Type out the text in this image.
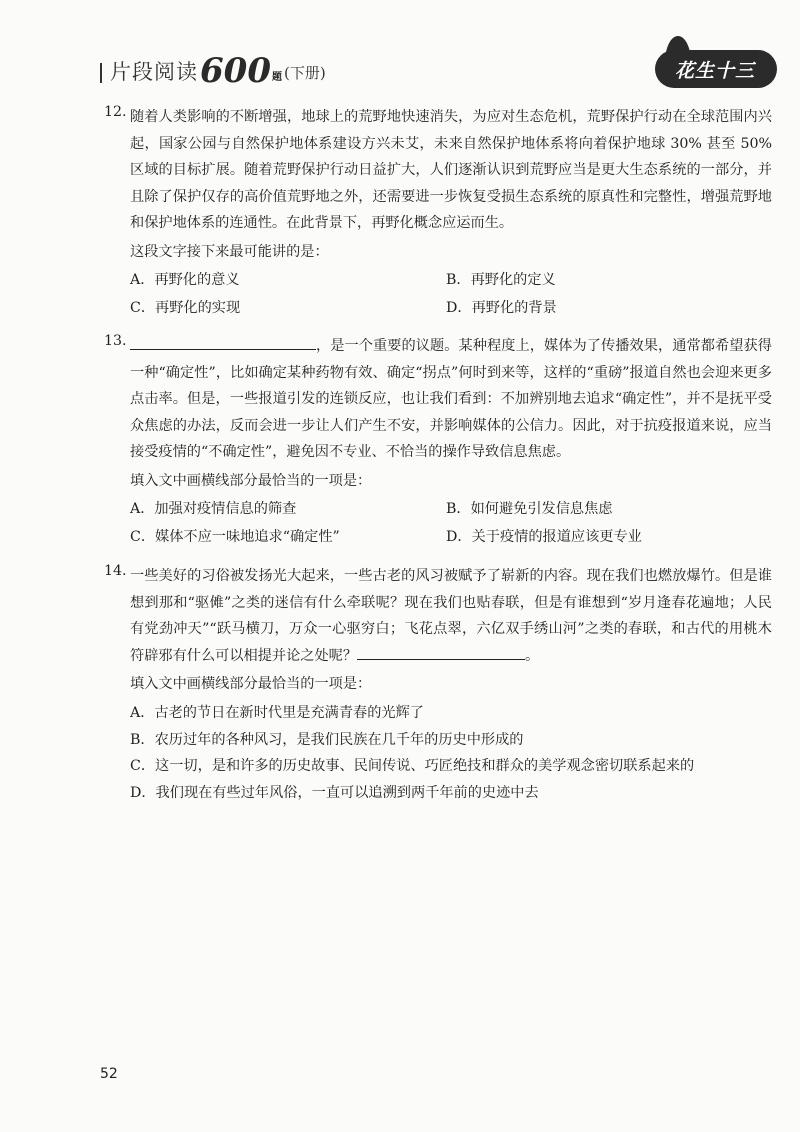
片段阅读 600 题 (下册)	花生十三
12. 随着人类影响的不断增强，地球上的荒野地快速消失，为应对生态危机，荒野保护行动在全球范围内兴起，国家公园与自然保护地体系建设方兴未艾，未来自然保护地体系将向着保护地球 30% 甚至 50% 区域的目标扩展。随着荒野保护行动日益扩大，人们逐渐认识到荒野应当是更大生态系统的一部分，并且除了保护仅存的高价值荒野地之外，还需要进一步恢复受损生态系统的原真性和完整性，增强荒野地和保护地体系的连通性。在此背景下，再野化概念应运而生。
这段文字接下来最可能讲的是：
A．再野化的意义	B．再野化的定义
C．再野化的实现	D．再野化的背景
13.	，是一个重要的议题。某种程度上，媒体为了传播效果，通常都希望获得一种“确定性”，比如确定某种药物有效、确定“拐点”何时到来等，这样的“重磅”报道自然也会迎来更多点击率。但是，一些报道引发的连锁反应，也让我们看到：不加辨别地去追求“确定性”，并不是抚平受众焦虑的办法，反而会进一步让人们产生不安，并影响媒体的公信力。因此，对于抗疫报道来说，应当接受疫情的“不确定性”，避免因不专业、不恰当的操作导致信息焦虑。
填入文中画横线部分最恰当的一项是：
A．加强对疫情信息的筛查	B．如何避免引发信息焦虑
C．媒体不应一味地追求“确定性”	D．关于疫情的报道应该更专业
14. 一些美好的习俗被发扬光大起来，一些古老的风习被赋予了崭新的内容。现在我们也燃放爆竹。但是谁想到那和“驱傩”之类的迷信有什么牵联呢？现在我们也贴春联，但是有谁想到“岁月逢春花遍地；人民有党劲冲天”“跃马横刀，万众一心驱穷白；飞花点翠，六亿双手绣山河”之类的春联，和古代的用桃木符辟邪有什么可以相提并论之处呢？	。
填入文中画横线部分最恰当的一项是：
A．古老的节日在新时代里是充满青春的光辉了
B．农历过年的各种风习，是我们民族在几千年的历史中形成的
C．这一切，是和许多的历史故事、民间传说、巧匠绝技和群众的美学观念密切联系起来的
D．我们现在有些过年风俗，一直可以追溯到两千年前的史迹中去
52
